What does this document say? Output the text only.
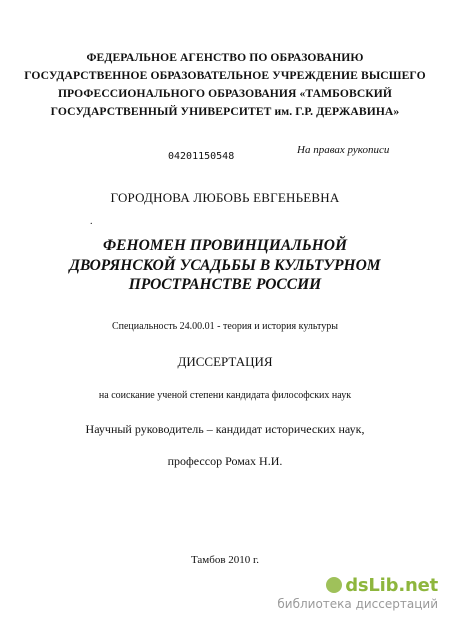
ФЕДЕРАЛЬНОЕ АГЕНСТВО ПО ОБРАЗОВАНИЮ
ГОСУДАРСТВЕННОЕ ОБРАЗОВАТЕЛЬНОЕ УЧРЕЖДЕНИЕ ВЫСШЕГО
ПРОФЕССИОНАЛЬНОГО ОБРАЗОВАНИЯ «ТАМБОВСКИЙ
ГОСУДАРСТВЕННЫЙ УНИВЕРСИТЕТ им. Г.Р. ДЕРЖАВИНА»
На правах рукописи
04201150548
ГОРОДНОВА ЛЮБОВЬ ЕВГЕНЬЕВНА
.
ФЕНОМЕН ПРОВИНЦИАЛЬНОЙ
ДВОРЯНСКОЙ УСАДЬБЫ В КУЛЬТУРНОМ
ПРОСТРАНСТВЕ РОССИИ
Специальность 24.00.01 - теория и история культуры
ДИССЕРТАЦИЯ
на соискание ученой степени кандидата философских наук
Научный руководитель – кандидат исторических наук,
профессор Ромах Н.И.
Тамбов 2010 г.
dsLib.net
библиотека диссертаций
